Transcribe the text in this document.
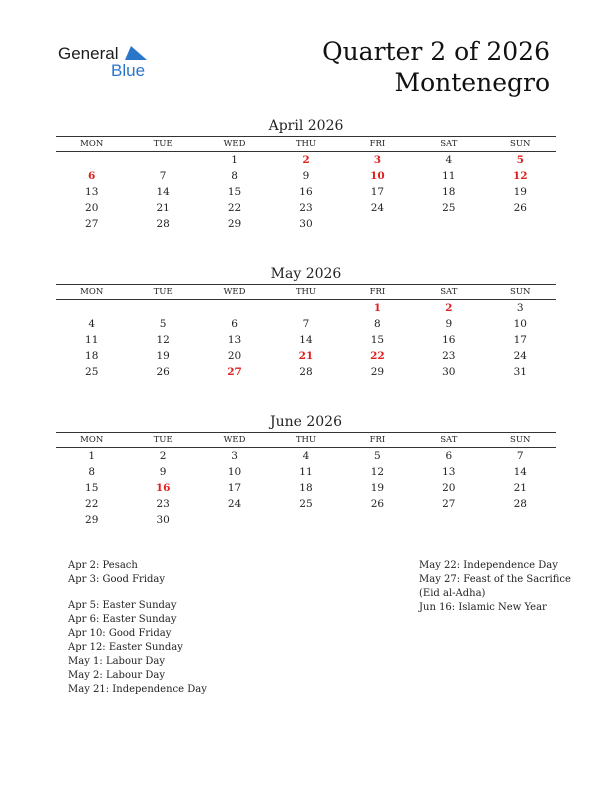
General
Blue
Quarter 2 of 2026
Montenegro
April 2026
MON	TUE	WED	THU	FRI	SAT	SUN
		1	2	3	4	5
6	7	8	9	10	11	12
13	14	15	16	17	18	19
20	21	22	23	24	25	26
27	28	29	30			
May 2026
MON	TUE	WED	THU	FRI	SAT	SUN
				1	2	3
4	5	6	7	8	9	10
11	12	13	14	15	16	17
18	19	20	21	22	23	24
25	26	27	28	29	30	31
June 2026
MON	TUE	WED	THU	FRI	SAT	SUN
1	2	3	4	5	6	7
8	9	10	11	12	13	14
15	16	17	18	19	20	21
22	23	24	25	26	27	28
29	30					
Apr 2: Pesach
Apr 3: Good Friday
Apr 5: Easter Sunday
Apr 6: Easter Sunday
Apr 10: Good Friday
Apr 12: Easter Sunday
May 1: Labour Day
May 2: Labour Day
May 21: Independence Day
May 22: Independence Day
May 27: Feast of the Sacrifice
(Eid al-Adha)
Jun 16: Islamic New Year
